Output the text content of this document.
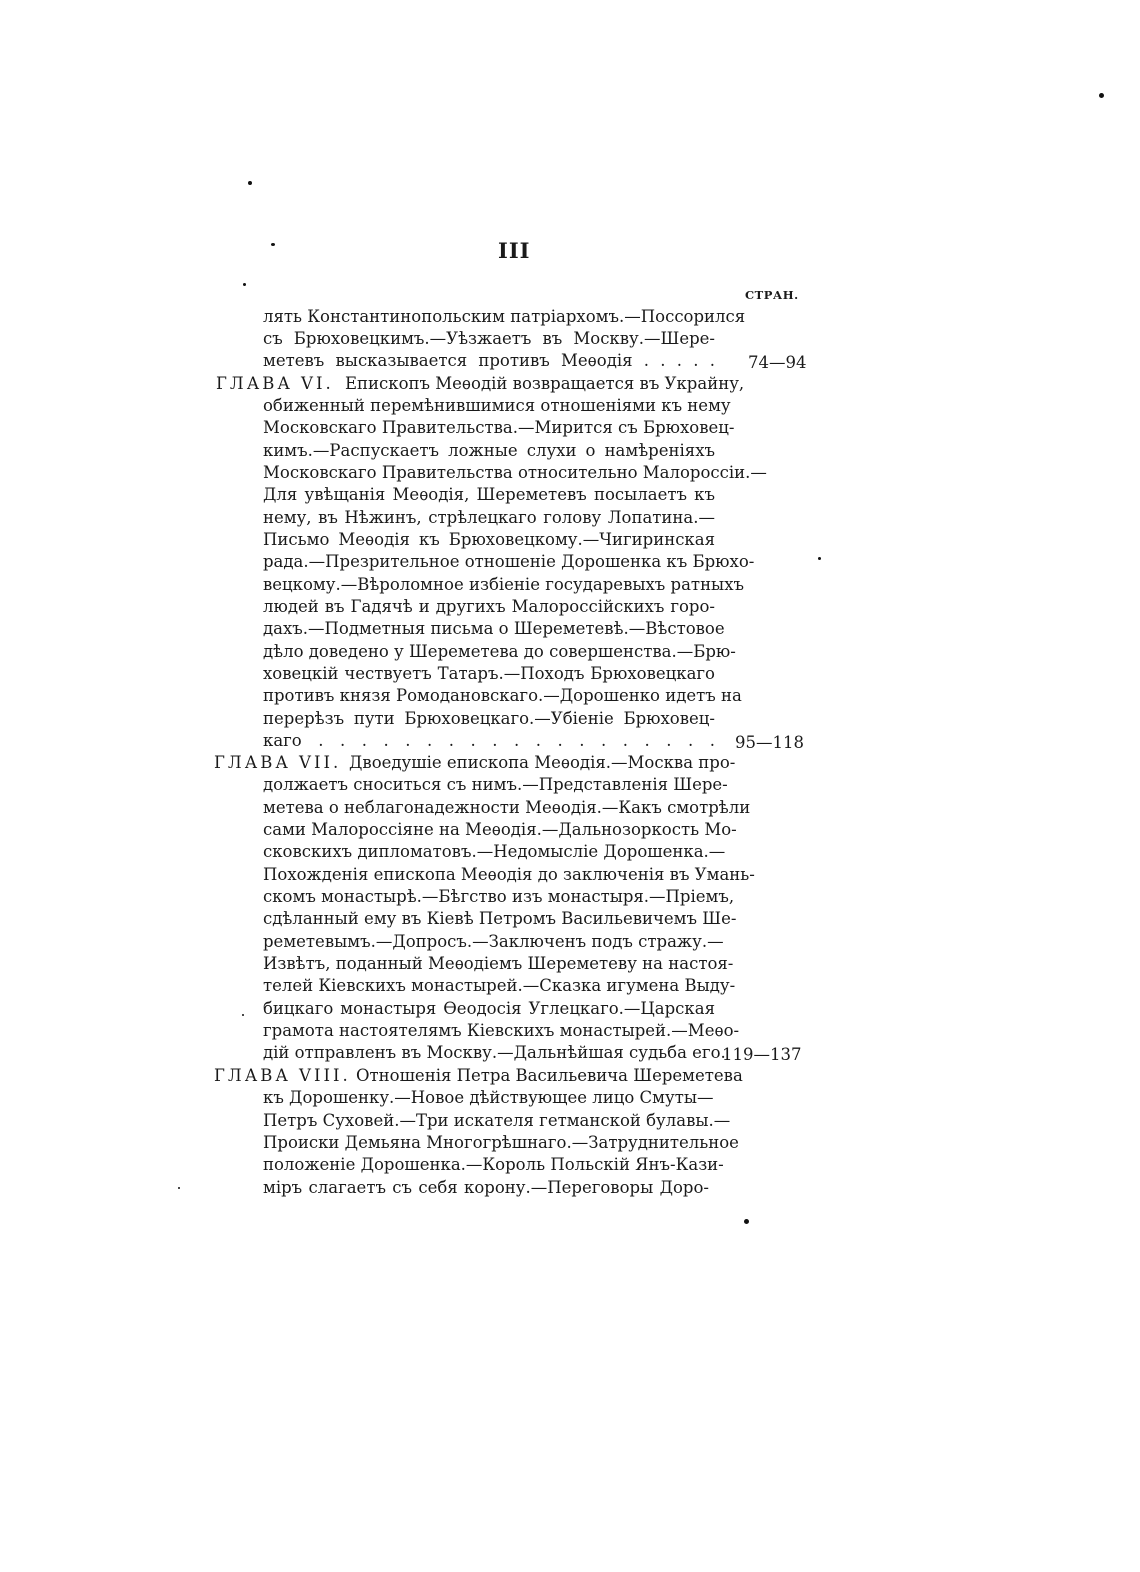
III
СТРАН.
лять Константинопольским патріархомъ.—Поссорился
съ Брюховецкимъ.—Уѣзжаетъ въ Москву.—Шере-
метевъ высказывается противъ Меѳодія . . . . . 74—94
ГЛАВА VI. Епископъ Меѳодій возвращается въ Украйну,
обиженный перемѣнившимися отношеніями къ нему
Московскаго Правительства.—Мирится съ Брюховец-
кимъ.—Распускаетъ ложные слухи о намѣреніяхъ
Московскаго Правительства относительно Малороссіи.—
Для увѣщанія Меѳодія, Шереметевъ посылаетъ къ
нему, въ Нѣжинъ, стрѣлецкаго голову Лопатина.—
Письмо Меѳодія къ Брюховецкому.—Чигиринская
рада.—Презрительное отношеніе Дорошенка къ Брюхо-
вецкому.—Вѣроломное избіеніе государевыхъ ратныхъ
людей въ Гадячѣ и другихъ Малороссійскихъ горо-
дахъ.—Подметныя письма о Шереметевѣ.—Вѣстовое
дѣло доведено у Шереметева до совершенства.—Брю-
ховецкій чествуетъ Татаръ.—Походъ Брюховецкаго
противъ князя Ромодановскаго.—Дорошенко идетъ на
перерѣзъ пути Брюховецкаго.—Убіеніе Брюховец-
каго . . . . . . . . . . . . . . . . . . . 95—118
ГЛАВА VII. Двоедушіе епископа Меѳодія.—Москва про-
должаетъ сноситься съ нимъ.—Представленія Шере-
метева о неблагонадежности Меѳодія.—Какъ смотрѣли
сами Малороссіяне на Меѳодія.—Дальнозоркость Мо-
сковскихъ дипломатовъ.—Недомысліе Дорошенка.—
Похожденія епископа Меѳодія до заключенія въ Умань-
скомъ монастырѣ.—Бѣгство изъ монастыря.—Пріемъ,
сдѣланный ему въ Кіевѣ Петромъ Васильевичемъ Ше-
реметевымъ.—Допросъ.—Заключенъ подъ стражу.—
Извѣтъ, поданный Меѳодіемъ Шереметеву на настоя-
телей Кіевскихъ монастырей.—Сказка игумена Выду-
бицкаго монастыря Ѳеодосія Углецкаго.—Царская
грамота настоятелямъ Кіевскихъ монастырей.—Меѳо-
дій отправленъ въ Москву.—Дальнѣйшая судьба его.
119—137
ГЛАВА VIII. Отношенія Петра Васильевича Шереметева
къ Дорошенку.—Новое дѣйствующее лицо Смуты—
Петръ Суховей.—Три искателя гетманской булавы.—
Происки Демьяна Многогрѣшнаго.—Затруднительное
положеніе Дорошенка.—Король Польскій Янъ-Кази-
міръ слагаетъ съ себя корону.—Переговоры Доро-
